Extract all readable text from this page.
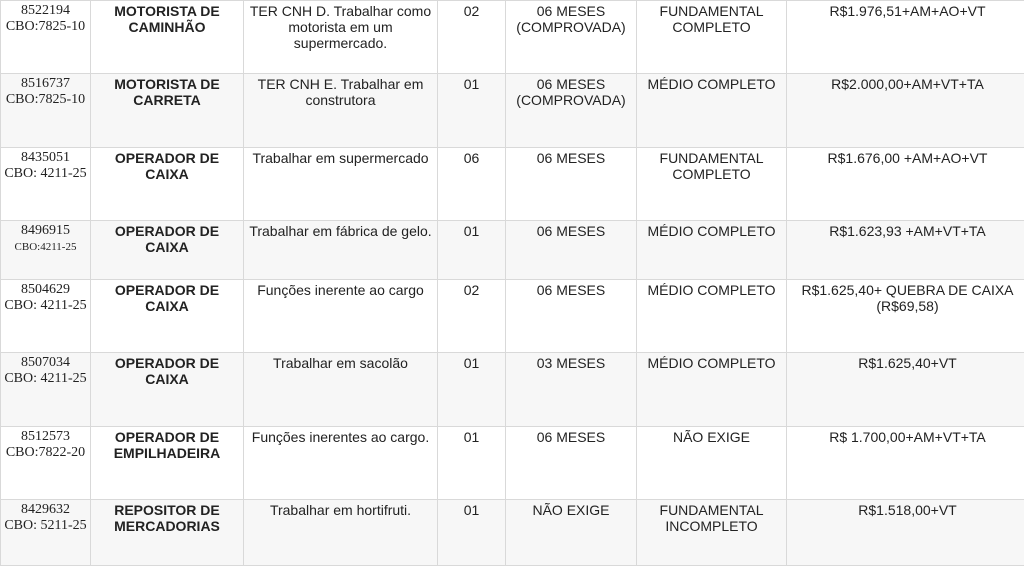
8522194
CBO:7825-10	MOTORISTA DE CAMINHÃO	TER CNH D. Trabalhar como motorista em um supermercado.	02	06 MESES (COMPROVADA)	FUNDAMENTAL COMPLETO	R$1.976,51+AM+AO+VT
8516737
CBO:7825-10	MOTORISTA DE CARRETA	TER CNH E. Trabalhar em construtora	01	06 MESES (COMPROVADA)	MÉDIO COMPLETO	R$2.000,00+AM+VT+TA
8435051
CBO: 4211-25	OPERADOR DE CAIXA	Trabalhar em supermercado	06	06 MESES	FUNDAMENTAL COMPLETO	R$1.676,00 +AM+AO+VT
8496915
CBO:4211-25	OPERADOR DE CAIXA	Trabalhar em fábrica de gelo.	01	06 MESES	MÉDIO COMPLETO	R$1.623,93 +AM+VT+TA
8504629
CBO: 4211-25	OPERADOR DE CAIXA	Funções inerente ao cargo	02	06 MESES	MÉDIO COMPLETO	R$1.625,40+ QUEBRA DE CAIXA (R$69,58)
8507034
CBO: 4211-25	OPERADOR DE CAIXA	Trabalhar em sacolão	01	03 MESES	MÉDIO COMPLETO	R$1.625,40+VT
8512573
CBO:7822-20	OPERADOR DE EMPILHADEIRA	Funções inerentes ao cargo.	01	06 MESES	NÃO EXIGE	R$ 1.700,00+AM+VT+TA
8429632
CBO: 5211-25	REPOSITOR DE MERCADORIAS	Trabalhar em hortifruti.	01	NÃO EXIGE	FUNDAMENTAL INCOMPLETO	R$1.518,00+VT
